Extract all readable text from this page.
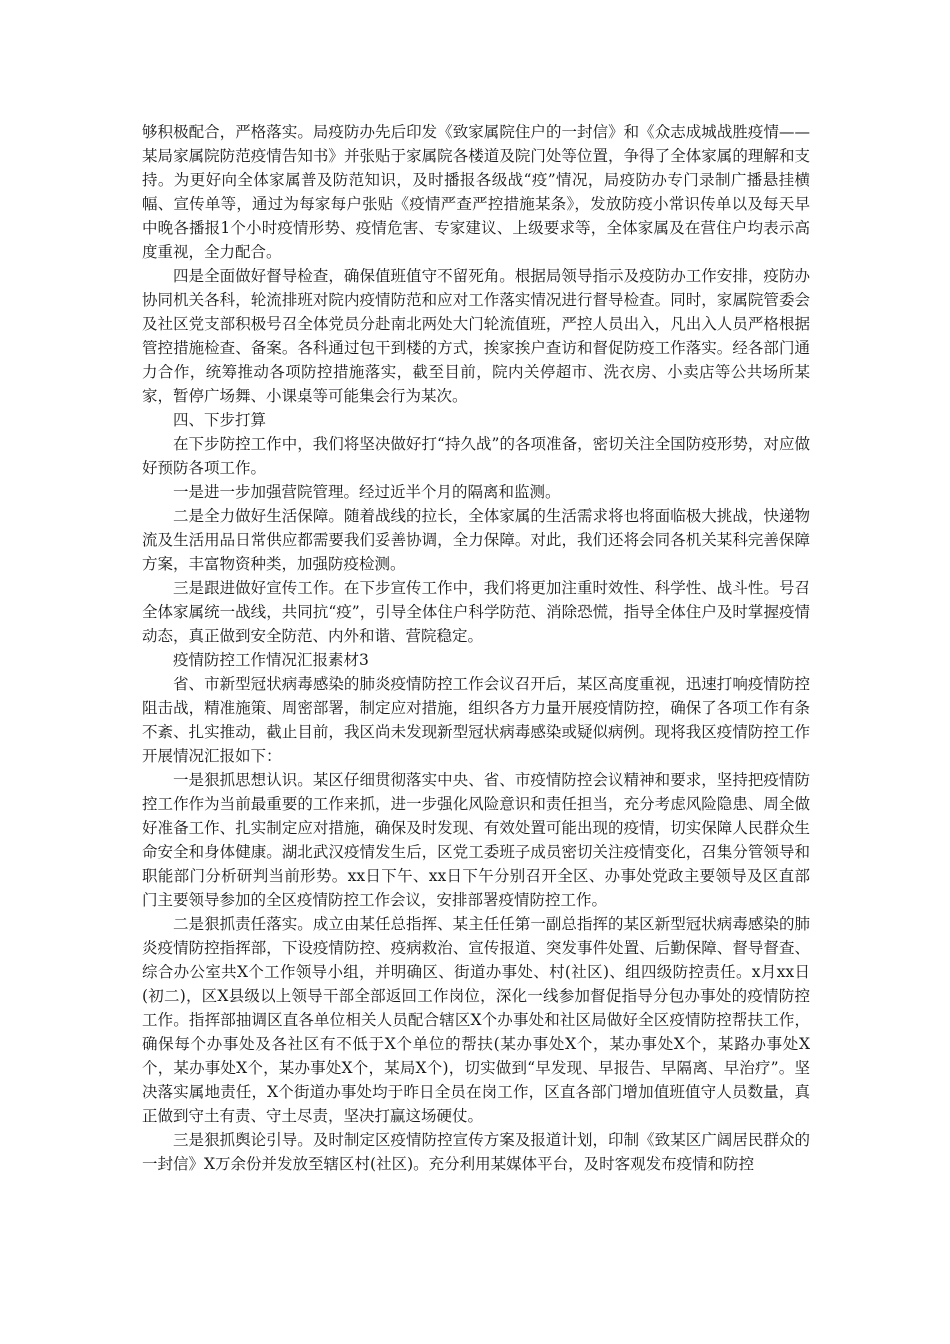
够积极配合，严格落实。局疫防办先后印发《致家属院住户的一封信》和《众志成城战胜疫情——某局家属院防范疫情告知书》并张贴于家属院各楼道及院门处等位置，争得了全体家属的理解和支持。为更好向全体家属普及防范知识，及时播报各级战“疫”情况，局疫防办专门录制广播悬挂横幅、宣传单等，通过为每家每户张贴《疫情严查严控措施某条》，发放防疫小常识传单以及每天早中晚各播报1个小时疫情形势、疫情危害、专家建议、上级要求等，全体家属及在营住户均表示高度重视，全力配合。

四是全面做好督导检查，确保值班值守不留死角。根据局领导指示及疫防办工作安排，疫防办协同机关各科，轮流排班对院内疫情防范和应对工作落实情况进行督导检查。同时，家属院管委会及社区党支部积极号召全体党员分赴南北两处大门轮流值班，严控人员出入，凡出入人员严格根据管控措施检查、备案。各科通过包干到楼的方式，挨家挨户查访和督促防疫工作落实。经各部门通力合作，统筹推动各项防控措施落实，截至目前，院内关停超市、洗衣房、小卖店等公共场所某家，暂停广场舞、小课桌等可能集会行为某次。

四、下步打算

在下步防控工作中，我们将坚决做好打“持久战”的各项准备，密切关注全国防疫形势，对应做好预防各项工作。

一是进一步加强营院管理。经过近半个月的隔离和监测。

二是全力做好生活保障。随着战线的拉长，全体家属的生活需求将也将面临极大挑战，快递物流及生活用品日常供应都需要我们妥善协调，全力保障。对此，我们还将会同各机关某科完善保障方案，丰富物资种类，加强防疫检测。

三是跟进做好宣传工作。在下步宣传工作中，我们将更加注重时效性、科学性、战斗性。号召全体家属统一战线，共同抗“疫”，引导全体住户科学防范、消除恐慌，指导全体住户及时掌握疫情动态，真正做到安全防范、内外和谐、营院稳定。

疫情防控工作情况汇报素材3

省、市新型冠状病毒感染的肺炎疫情防控工作会议召开后，某区高度重视，迅速打响疫情防控阻击战，精准施策、周密部署，制定应对措施，组织各方力量开展疫情防控，确保了各项工作有条不紊、扎实推动，截止目前，我区尚未发现新型冠状病毒感染或疑似病例。现将我区疫情防控工作开展情况汇报如下：

一是狠抓思想认识。某区仔细贯彻落实中央、省、市疫情防控会议精神和要求，坚持把疫情防控工作作为当前最重要的工作来抓，进一步强化风险意识和责任担当，充分考虑风险隐患、周全做好准备工作、扎实制定应对措施，确保及时发现、有效处置可能出现的疫情，切实保障人民群众生命安全和身体健康。湖北武汉疫情发生后，区党工委班子成员密切关注疫情变化，召集分管领导和职能部门分析研判当前形势。xx日下午、xx日下午分别召开全区、办事处党政主要领导及区直部门主要领导参加的全区疫情防控工作会议，安排部署疫情防控工作。

二是狠抓责任落实。成立由某任总指挥、某主任任第一副总指挥的某区新型冠状病毒感染的肺炎疫情防控指挥部，下设疫情防控、疫病救治、宣传报道、突发事件处置、后勤保障、督导督查、综合办公室共X个工作领导小组，并明确区、街道办事处、村(社区)、组四级防控责任。x月xx日(初二)，区X县级以上领导干部全部返回工作岗位，深化一线参加督促指导分包办事处的疫情防控工作。指挥部抽调区直各单位相关人员配合辖区X个办事处和社区局做好全区疫情防控帮扶工作，确保每个办事处及各社区有不低于X个单位的帮扶(某办事处X个，某办事处X个，某路办事处X个，某办事处X个，某办事处X个，某局X个)，切实做到“早发现、早报告、早隔离、早治疗”。坚决落实属地责任，X个街道办事处均于昨日全员在岗工作，区直各部门增加值班值守人员数量，真正做到守土有责、守土尽责，坚决打赢这场硬仗。

三是狠抓舆论引导。及时制定区疫情防控宣传方案及报道计划，印制《致某区广阔居民群众的一封信》X万余份并发放至辖区村(社区)。充分利用某媒体平台，及时客观发布疫情和防控
